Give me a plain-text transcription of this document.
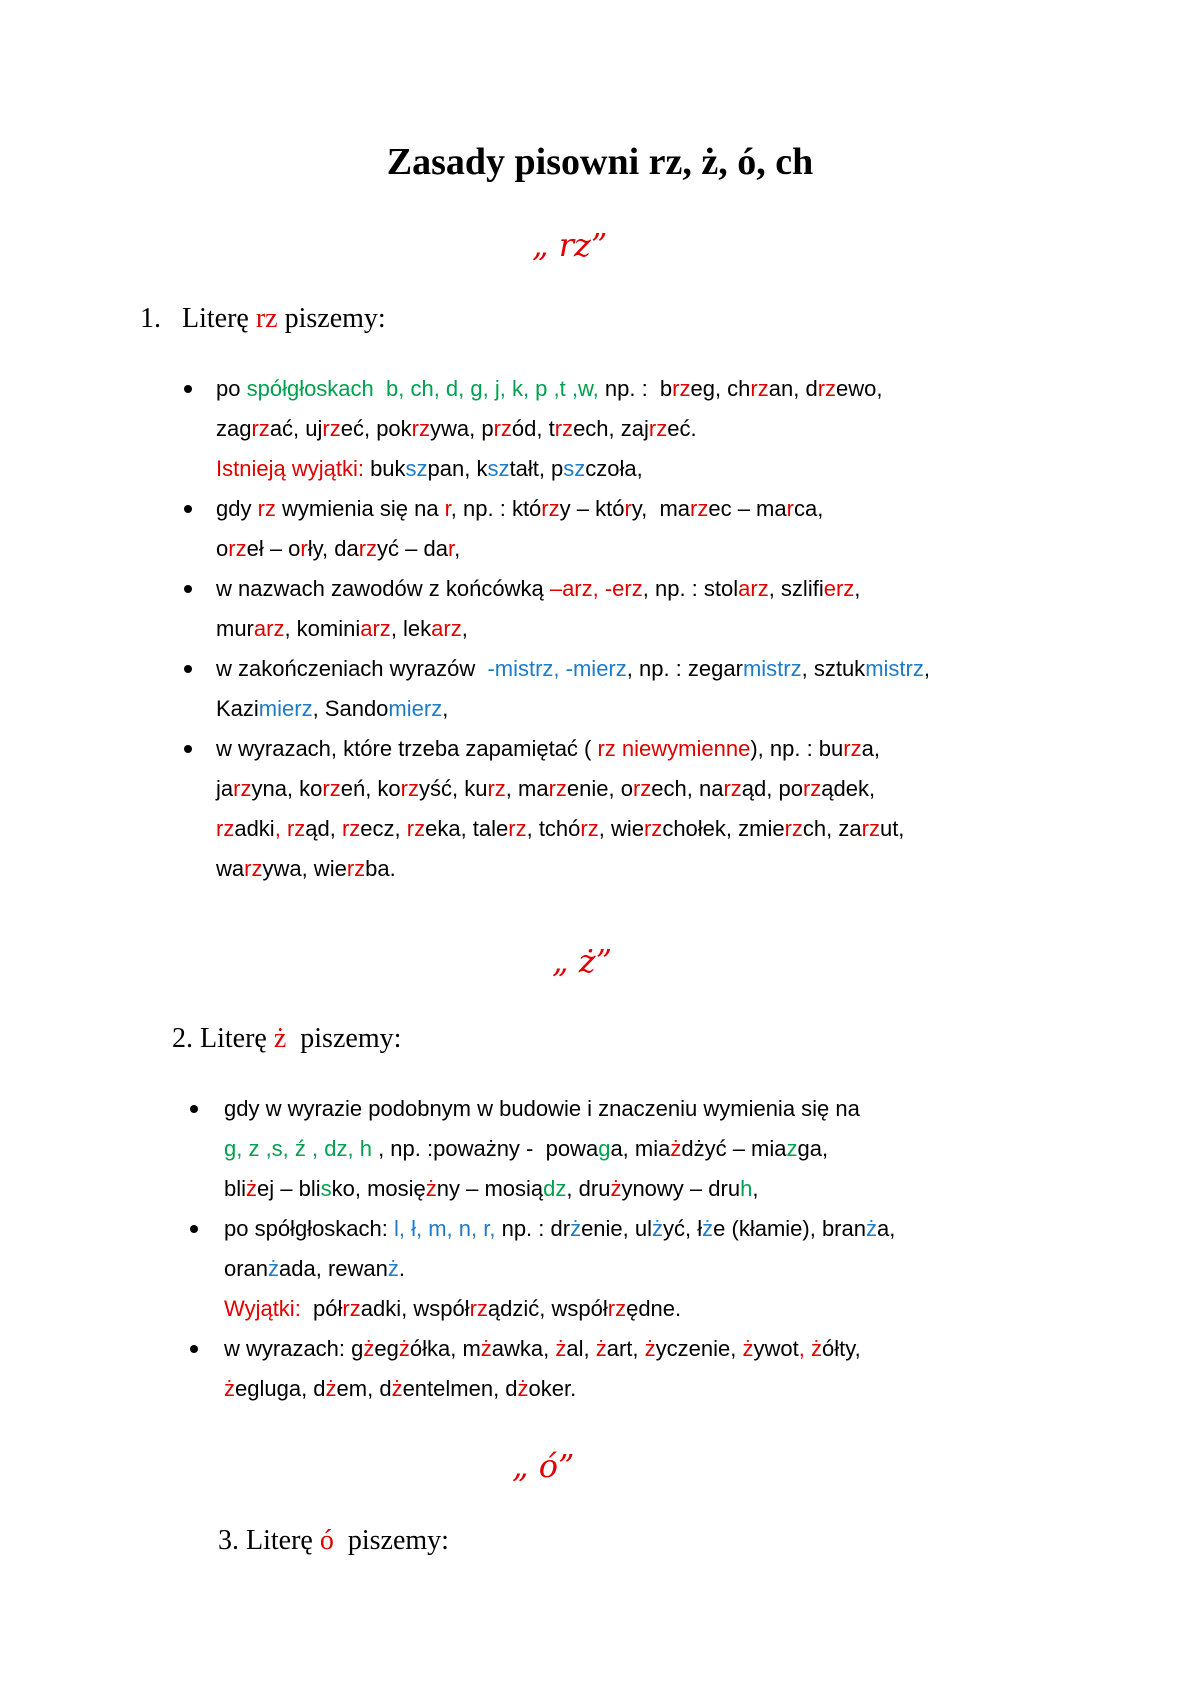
Zasady pisowni rz, ż, ó, ch
„ rz”
1.   Literę rz piszemy:
po spółgłoskach  b, ch, d, g, j, k, p ,t ,w, np. :  brzeg, chrzan, drzewo,
zagrzać, ujrzeć, pokrzywa, przód, trzech, zajrzeć.
Istnieją wyjątki: bukszpan, kształt, pszczoła,
gdy rz wymienia się na r, np. : którzy – który,  marzec – marca,
orzeł – orły, darzyć – dar,
w nazwach zawodów z końcówką –arz, -erz, np. : stolarz, szlifierz,
murarz, kominiarz, lekarz,
w zakończeniach wyrazów  -mistrz, -mierz, np. : zegarmistrz, sztukmistrz,
Kazimierz, Sandomierz,
w wyrazach, które trzeba zapamiętać ( rz niewymienne), np. : burza,
jarzyna, korzeń, korzyść, kurz, marzenie, orzech, narząd, porządek,
rzadki, rząd, rzecz, rzeka, talerz, tchórz, wierzchołek, zmierzch, zarzut,
warzywa, wierzba.
„ ż”
2. Literę ż  piszemy:
gdy w wyrazie podobnym w budowie i znaczeniu wymienia się na
g, z ,s, ź , dz, h , np. :poważny -  powaga, miażdżyć – miazga,
bliżej – blisko, mosiężny – mosiądz, drużynowy – druh,
po spółgłoskach: l, ł, m, n, r, np. : drżenie, ulżyć, łże (kłamie), branża,
oranżada, rewanż.
Wyjątki:  półrzadki, współrządzić, współrzędne.
w wyrazach: gżegżółka, mżawka, żal, żart, życzenie, żywot, żółty,
żegluga, dżem, dżentelmen, dżoker.
„ ó”
3. Literę ó  piszemy:
